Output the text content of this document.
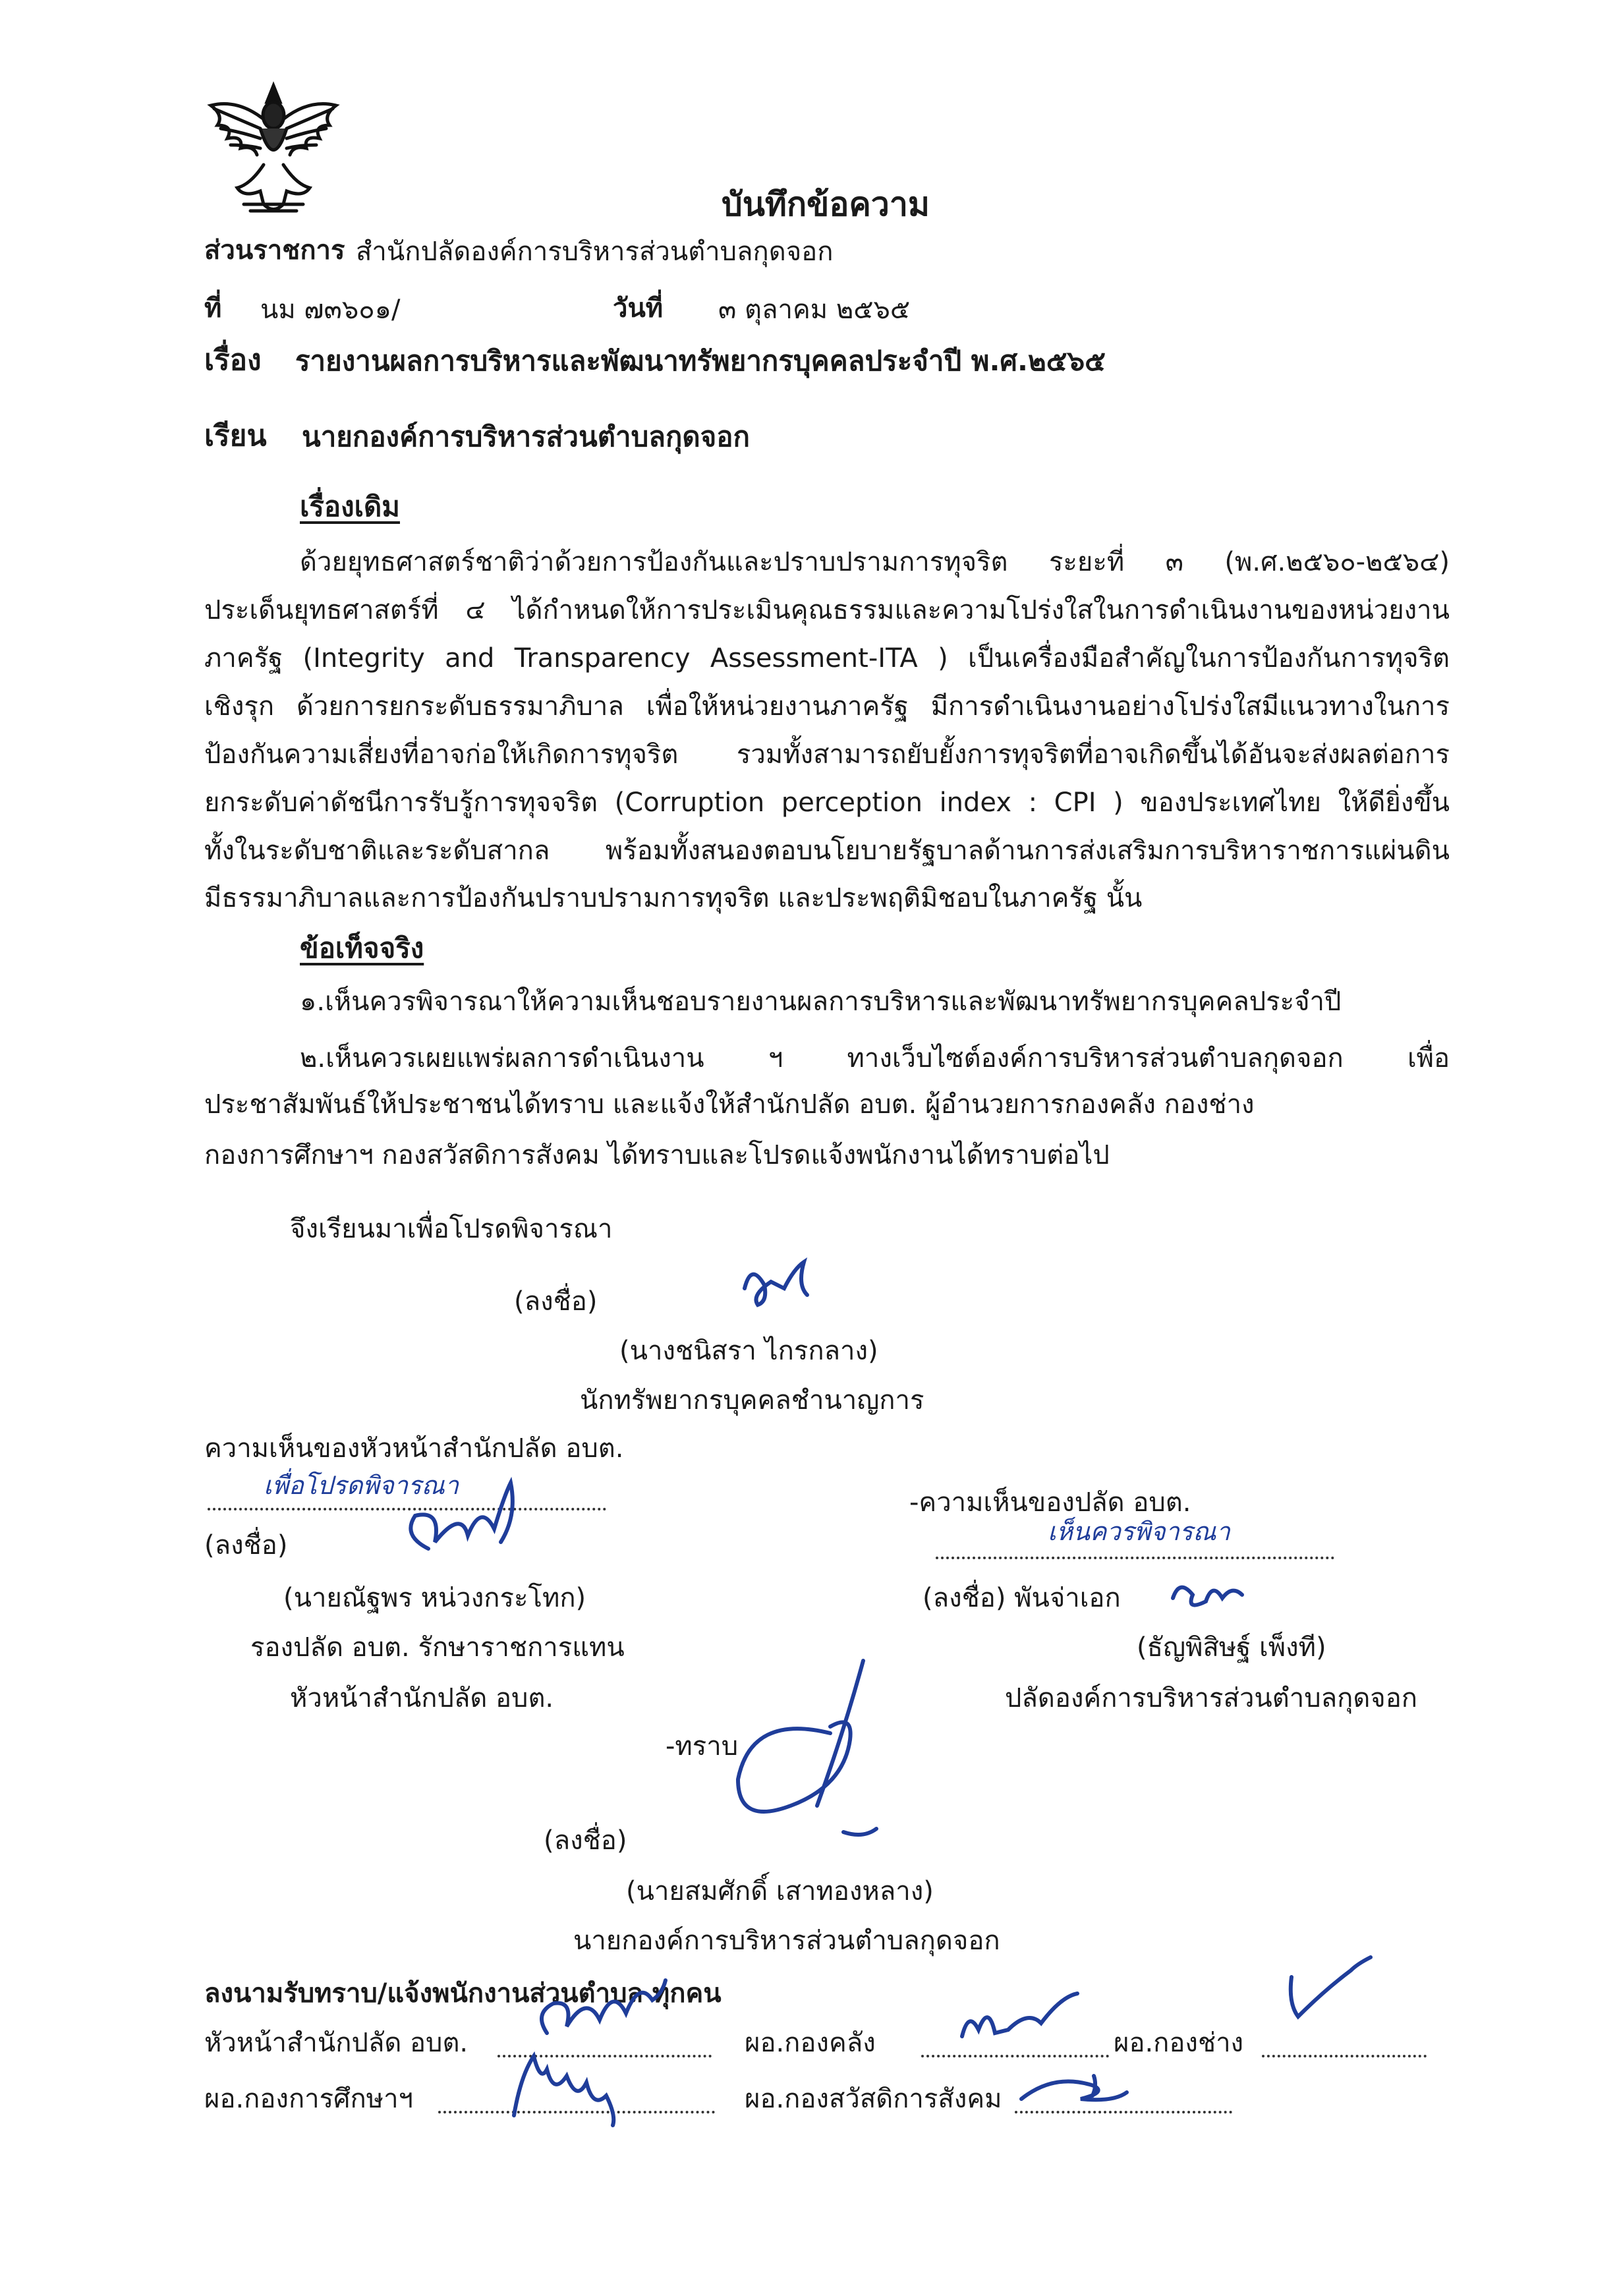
บันทึกข้อความ
ส่วนราชการ สำนักปลัดองค์การบริหารส่วนตำบลกุดจอก
ที่ นม ๗๓๖๐๑/	วันที่ ๓ ตุลาคม ๒๕๖๕
เรื่อง รายงานผลการบริหารและพัฒนาทรัพยากรบุคคลประจำปี พ.ศ.๒๕๖๕
เรียน นายกองค์การบริหารส่วนตำบลกุดจอก
เรื่องเดิม
ด้วยยุทธศาสตร์ชาติว่าด้วยการป้องกันและปราบปรามการทุจริต ระยะที่ ๓ (พ.ศ.๒๕๖๐-๒๕๖๔)
ประเด็นยุทธศาสตร์ที่ ๔ ได้กำหนดให้การประเมินคุณธรรมและความโปร่งใสในการดำเนินงานของหน่วยงาน
ภาครัฐ (Integrity and Transparency Assessment-ITA ) เป็นเครื่องมือสำคัญในการป้องกันการทุจริต
เชิงรุก ด้วยการยกระดับธรรมาภิบาล เพื่อให้หน่วยงานภาครัฐ มีการดำเนินงานอย่างโปร่งใสมีแนวทางในการ
ป้องกันความเสี่ยงที่อาจก่อให้เกิดการทุจริต รวมทั้งสามารถยับยั้งการทุจริตที่อาจเกิดขึ้นได้อันจะส่งผลต่อการ
ยกระดับค่าดัชนีการรับรู้การทุจจริต (Corruption perception index : CPI ) ของประเทศไทย ให้ดียิ่งขึ้น
ทั้งในระดับชาติและระดับสากล พร้อมทั้งสนองตอบนโยบายรัฐบาลด้านการส่งเสริมการบริหาราชการแผ่นดิน
มีธรรมาภิบาลและการป้องกันปราบปรามการทุจริต และประพฤติมิชอบในภาครัฐ นั้น
ข้อเท็จจริง
๑.เห็นควรพิจารณาให้ความเห็นชอบรายงานผลการบริหารและพัฒนาทรัพยากรบุคคลประจำปี
๒.เห็นควรเผยแพร่ผลการดำเนินงาน ฯ ทางเว็บไซต์องค์การบริหารส่วนตำบลกุดจอก เพื่อ
ประชาสัมพันธ์ให้ประชาชนได้ทราบ และแจ้งให้สำนักปลัด อบต. ผู้อำนวยการกองคลัง กองช่าง
กองการศึกษาฯ กองสวัสดิการสังคม ได้ทราบและโปรดแจ้งพนักงานได้ทราบต่อไป
จึงเรียนมาเพื่อโปรดพิจารณา
(ลงชื่อ)
(นางชนิสรา ไกรกลาง)
นักทรัพยากรบุคคลชำนาญการ
ความเห็นของหัวหน้าสำนักปลัด อบต.
เพื่อโปรดพิจารณา
(ลงชื่อ)
(นายณัฐพร หน่วงกระโทก)
รองปลัด อบต. รักษาราชการแทน
หัวหน้าสำนักปลัด อบต.
-ความเห็นของปลัด อบต.
เห็นควรพิจารณา
(ลงชื่อ) พันจ่าเอก
(ธัญพิสิษฐ์ เพ็งที)
ปลัดองค์การบริหารส่วนตำบลกุดจอก
-ทราบ
(ลงชื่อ)
(นายสมศักดิ์ เสาทองหลาง)
นายกองค์การบริหารส่วนตำบลกุดจอก
ลงนามรับทราบ/แจ้งพนักงานส่วนตำบล ทุกคน
หัวหน้าสำนักปลัด อบต.	ผอ.กองคลัง	ผอ.กองช่าง
ผอ.กองการศึกษาฯ	ผอ.กองสวัสดิการสังคม
